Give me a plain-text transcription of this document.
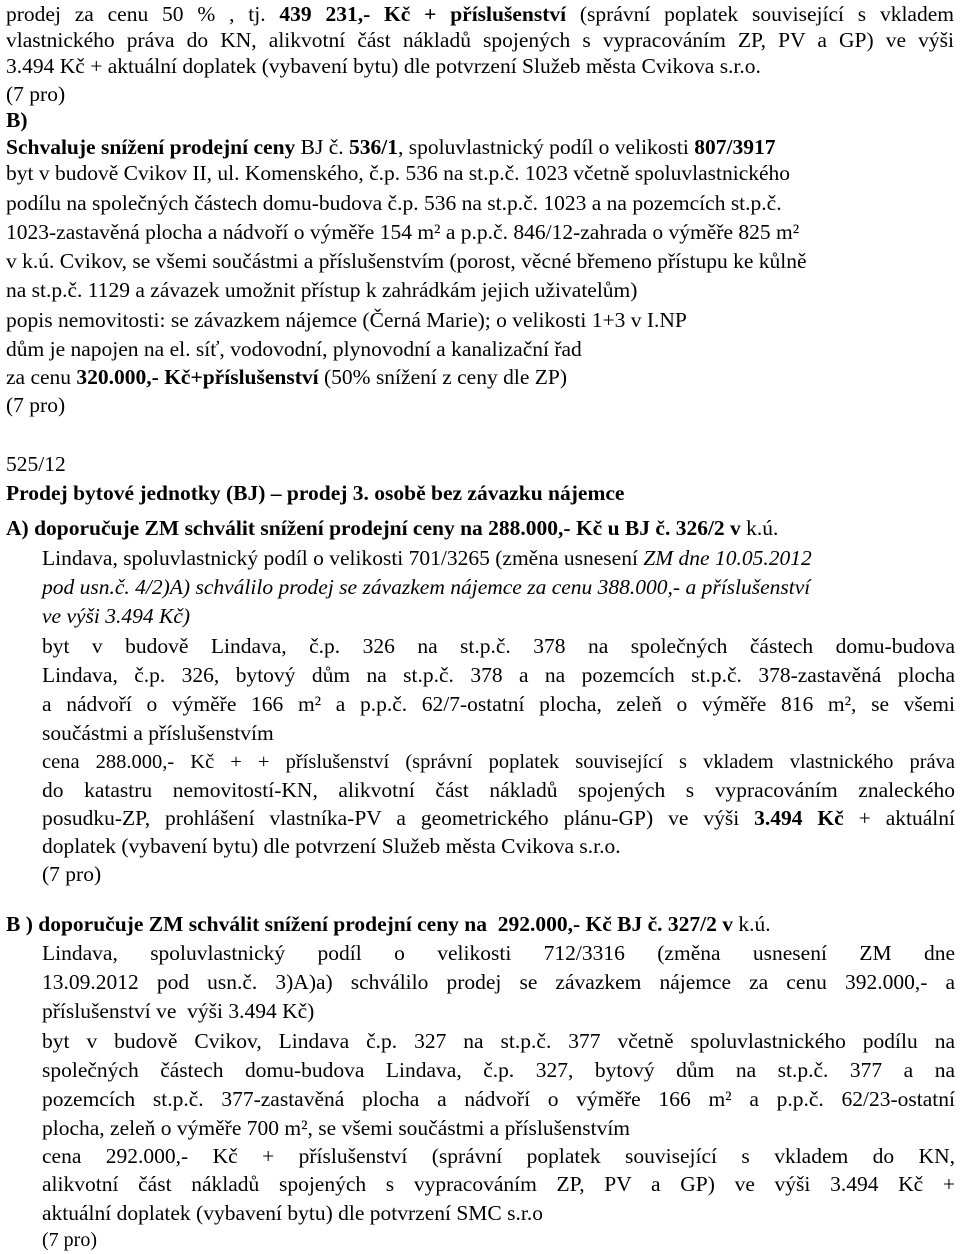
prodej za cenu 50 % , tj. 439 231,- Kč + příslušenství (správní poplatek související s vkladem

vlastnického práva do KN, alikvotní část nákladů spojených s vypracováním ZP, PV a GP) ve výši

3.494 Kč + aktuální doplatek (vybavení bytu) dle potvrzení Služeb města Cvikova s.r.o.

(7 pro)

B)

Schvaluje snížení prodejní ceny BJ č. 536/1, spoluvlastnický podíl o velikosti 807/3917

byt v budově Cvikov II, ul. Komenského, č.p. 536 na st.p.č. 1023 včetně spoluvlastnického

podílu na společných částech domu-budova č.p. 536 na st.p.č. 1023 a na pozemcích st.p.č.

1023-zastavěná plocha a nádvoří o výměře 154 m² a p.p.č. 846/12-zahrada o výměře 825 m²

v k.ú. Cvikov, se všemi součástmi a příslušenstvím (porost, věcné břemeno přístupu ke kůlně

na st.p.č. 1129 a závazek umožnit přístup k zahrádkám jejich uživatelům)

popis nemovitosti: se závazkem nájemce (Černá Marie); o velikosti 1+3 v I.NP

dům je napojen na el. síť, vodovodní, plynovodní a kanalizační řad

za cenu 320.000,- Kč+příslušenství (50% snížení z ceny dle ZP)

(7 pro)

525/12

Prodej bytové jednotky (BJ) – prodej 3. osobě bez závazku nájemce

A) doporučuje ZM schválit snížení prodejní ceny na 288.000,- Kč u BJ č. 326/2 v k.ú.

Lindava, spoluvlastnický podíl o velikosti 701/3265 (změna usnesení ZM dne 10.05.2012

pod usn.č. 4/2)A) schválilo prodej se závazkem nájemce za cenu 388.000,- a příslušenství

ve výši 3.494 Kč)

byt v budově Lindava, č.p. 326 na st.p.č. 378 na společných částech domu-budova

Lindava, č.p. 326, bytový dům na st.p.č. 378 a na pozemcích st.p.č. 378-zastavěná plocha

a nádvoří o výměře 166 m² a p.p.č. 62/7-ostatní plocha, zeleň o výměře 816 m², se všemi

součástmi a příslušenstvím

cena 288.000,- Kč + + příslušenství (správní poplatek související s vkladem vlastnického práva

do katastru nemovitostí-KN, alikvotní část nákladů spojených s vypracováním znaleckého

posudku-ZP, prohlášení vlastníka-PV a geometrického plánu-GP) ve výši 3.494 Kč + aktuální

doplatek (vybavení bytu) dle potvrzení Služeb města Cvikova s.r.o.

(7 pro)

B ) doporučuje ZM schválit snížení prodejní ceny na  292.000,- Kč BJ č. 327/2 v k.ú.

Lindava, spoluvlastnický podíl o velikosti 712/3316 (změna usnesení ZM dne

13.09.2012 pod usn.č. 3)A)a) schválilo prodej se závazkem nájemce za cenu 392.000,- a

příslušenství ve  výši 3.494 Kč)

byt v budově Cvikov, Lindava č.p. 327 na st.p.č. 377 včetně spoluvlastnického podílu na

společných částech domu-budova Lindava, č.p. 327, bytový dům na st.p.č. 377 a na

pozemcích st.p.č. 377-zastavěná plocha a nádvoří o výměře 166 m² a p.p.č. 62/23-ostatní

plocha, zeleň o výměře 700 m², se všemi součástmi a příslušenstvím

cena 292.000,- Kč + příslušenství (správní poplatek související s vkladem do KN,

alikvotní část nákladů spojených s vypracováním ZP, PV a GP) ve výši 3.494 Kč +

aktuální doplatek (vybavení bytu) dle potvrzení SMC s.r.o

(7 pro)
